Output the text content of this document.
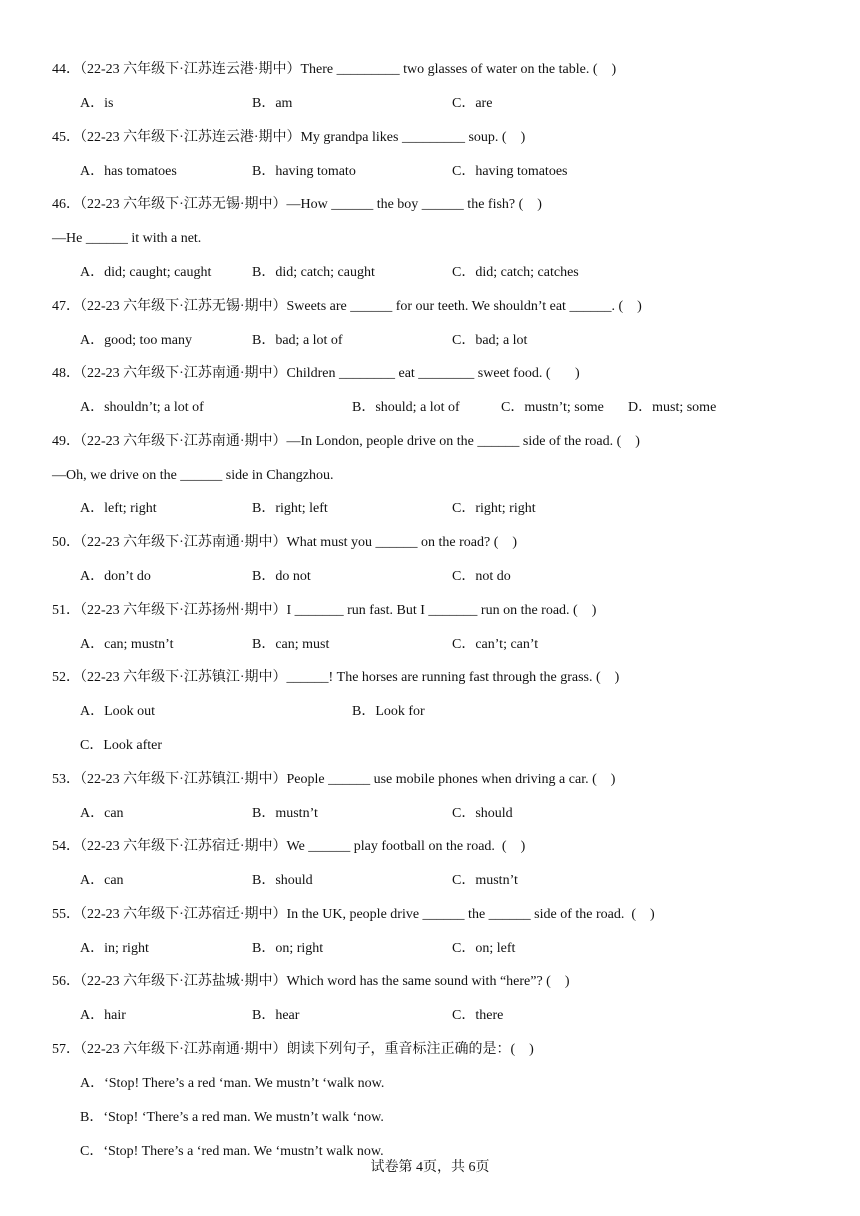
44．（22-23 六年级下·江苏连云港·期中）There _________ two glasses of water on the table. (    )
A．is	B．am	C．are
45．（22-23 六年级下·江苏连云港·期中）My grandpa likes _________ soup. (    )
A．has tomatoes	B．having tomato	C．having tomatoes
46．（22-23 六年级下·江苏无锡·期中）—How ______ the boy ______ the fish? (    )
—He ______ it with a net.
A．did; caught; caught	B．did; catch; caught	C．did; catch; catches
47．（22-23 六年级下·江苏无锡·期中）Sweets are ______ for our teeth. We shouldn’t eat ______. (    )
A．good; too many	B．bad; a lot of	C．bad; a lot
48．（22-23 六年级下·江苏南通·期中）Children ________ eat ________ sweet food. (       )
A．shouldn’t; a lot of	B．should; a lot of	C．mustn’t; some D．must; some
49．（22-23 六年级下·江苏南通·期中）—In London, people drive on the ______ side of the road. (    )
—Oh, we drive on the ______ side in Changzhou.
A．left; right	B．right; left	C．right; right
50．（22-23 六年级下·江苏南通·期中）What must you ______ on the road? (    )
A．don’t do	B．do not	C．not do
51．（22-23 六年级下·江苏扬州·期中）I _______ run fast. But I _______ run on the road. (    )
A．can; mustn’t	B．can; must	C．can’t; can’t
52．（22-23 六年级下·江苏镇江·期中）______! The horses are running fast through the grass. (    )
A．Look out	B．Look for
C．Look after
53．（22-23 六年级下·江苏镇江·期中）People ______ use mobile phones when driving a car. (    )
A．can	B．mustn’t	C．should
54．（22-23 六年级下·江苏宿迁·期中）We ______ play football on the road.  (    )
A．can	B．should	C．mustn’t
55．（22-23 六年级下·江苏宿迁·期中）In the UK, people drive ______ the ______ side of the road.  (    )
A．in; right	B．on; right	C．on; left
56．（22-23 六年级下·江苏盐城·期中）Which word has the same sound with “here”? (    )
A．hair	B．hear	C．there
57．（22-23 六年级下·江苏南通·期中）朗读下列句子，重音标注正确的是：(    )
A．‘Stop! There’s a red ‘man. We mustn’t ‘walk now.
B．‘Stop! ‘There’s a red man. We mustn’t walk ‘now.
C．‘Stop! There’s a ‘red man. We ‘mustn’t walk now.
试卷第 4页，共 6页
